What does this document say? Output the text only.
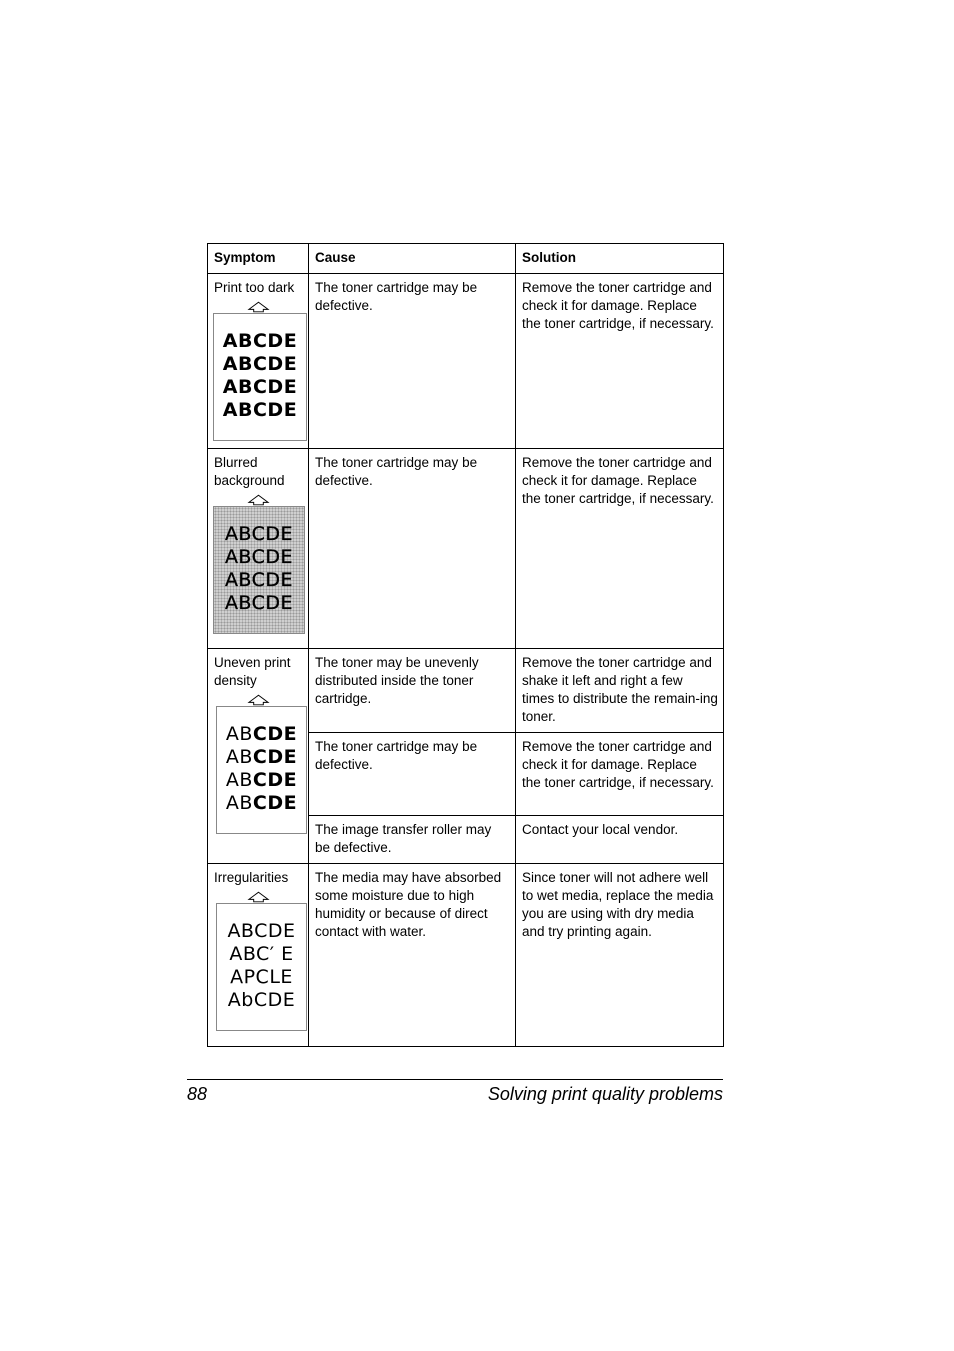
Symptom	Cause	Solution

Print too dark
ABCDE
ABCDE
ABCDE
ABCDE	The toner cartridge may be defective.	Remove the toner cartridge and check it for damage. Replace the toner cartridge, if necessary.

Blurred background
ABCDE
ABCDE
ABCDE
ABCDE	The toner cartridge may be defective.	Remove the toner cartridge and check it for damage. Replace the toner cartridge, if necessary.

Uneven print density
ABCDE
ABCDE
ABCDE
ABCDE	The toner may be unevenly distributed inside the toner cartridge.	Remove the toner cartridge and shake it left and right a few times to distribute the remain-ing toner.
	The toner cartridge may be defective.	Remove the toner cartridge and check it for damage. Replace the toner cartridge, if necessary.
	The image transfer roller may be defective.	Contact your local vendor.

Irregularities
ABCDE
ABC′ E
ΑΡϹLE
AbCDE	The media may have absorbed some moisture due to high humidity or because of direct contact with water.	Since toner will not adhere well to wet media, replace the media you are using with dry media and try printing again.
88	Solving print quality problems
